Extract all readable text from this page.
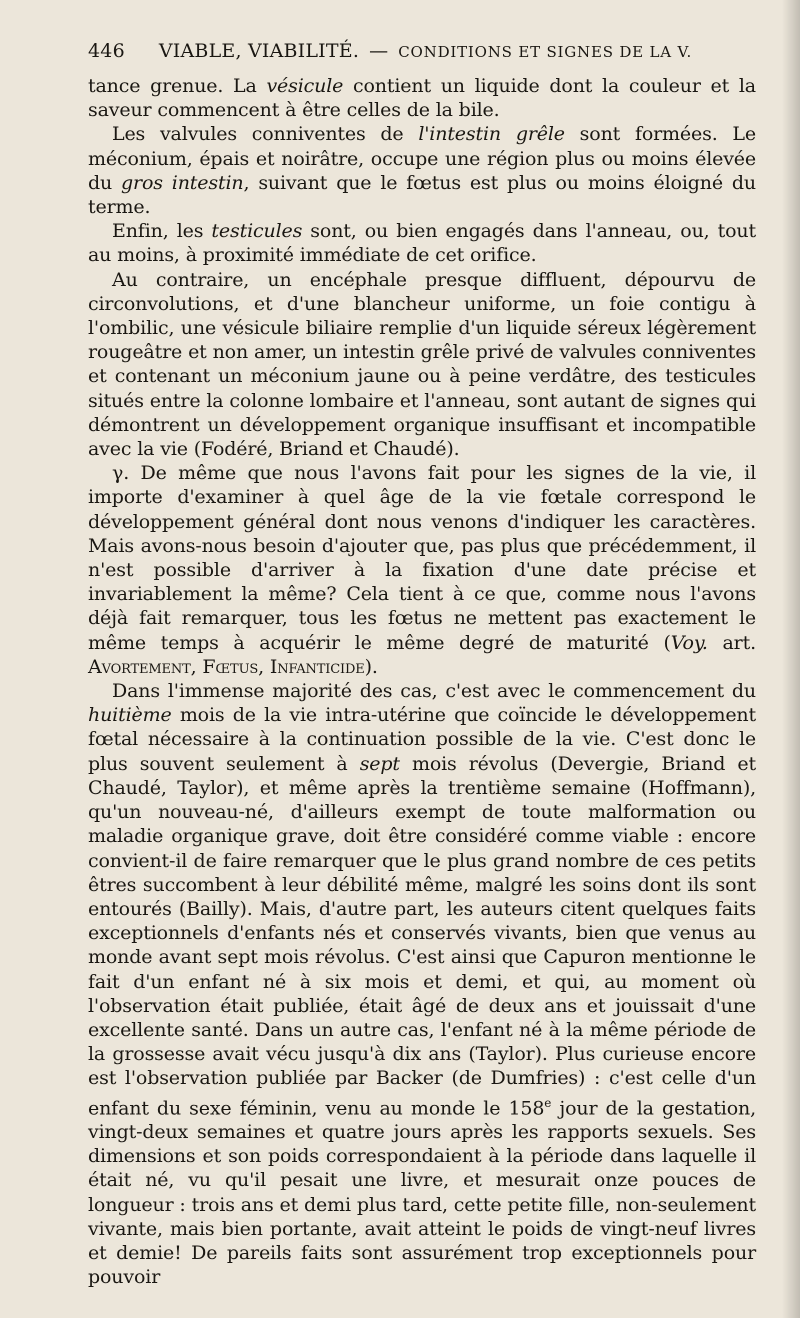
446 VIABLE, VIABILITÉ. — CONDITIONS ET SIGNES DE LA V.

tance grenue. La vésicule contient un liquide dont la couleur et la saveur commencent à être celles de la bile.

Les valvules conniventes de l'intestin grêle sont formées. Le méconium, épais et noirâtre, occupe une région plus ou moins élevée du gros intestin, suivant que le fœtus est plus ou moins éloigné du terme.

Enfin, les testicules sont, ou bien engagés dans l'anneau, ou, tout au moins, à proximité immédiate de cet orifice.

Au contraire, un encéphale presque diffluent, dépourvu de circonvolutions, et d'une blancheur uniforme, un foie contigu à l'ombilic, une vésicule biliaire remplie d'un liquide séreux légèrement rougeâtre et non amer, un intestin grêle privé de valvules conniventes et contenant un méconium jaune ou à peine verdâtre, des testicules situés entre la colonne lombaire et l'anneau, sont autant de signes qui démontrent un développement organique insuffisant et incompatible avec la vie (Fodéré, Briand et Chaudé).

γ. De même que nous l'avons fait pour les signes de la vie, il importe d'examiner à quel âge de la vie fœtale correspond le développement général dont nous venons d'indiquer les caractères. Mais avons-nous besoin d'ajouter que, pas plus que précédemment, il n'est possible d'arriver à la fixation d'une date précise et invariablement la même? Cela tient à ce que, comme nous l'avons déjà fait remarquer, tous les fœtus ne mettent pas exactement le même temps à acquérir le même degré de maturité (Voy. art. Avortement, Fœtus, Infanticide).

Dans l'immense majorité des cas, c'est avec le commencement du huitième mois de la vie intra-utérine que coïncide le développement fœtal nécessaire à la continuation possible de la vie. C'est donc le plus souvent seulement à sept mois révolus (Devergie, Briand et Chaudé, Taylor), et même après la trentième semaine (Hoffmann), qu'un nouveau-né, d'ailleurs exempt de toute malformation ou maladie organique grave, doit être considéré comme viable : encore convient-il de faire remarquer que le plus grand nombre de ces petits êtres succombent à leur débilité même, malgré les soins dont ils sont entourés (Bailly). Mais, d'autre part, les auteurs citent quelques faits exceptionnels d'enfants nés et conservés vivants, bien que venus au monde avant sept mois révolus. C'est ainsi que Capuron mentionne le fait d'un enfant né à six mois et demi, et qui, au moment où l'observation était publiée, était âgé de deux ans et jouissait d'une excellente santé. Dans un autre cas, l'enfant né à la même période de la grossesse avait vécu jusqu'à dix ans (Taylor). Plus curieuse encore est l'observation publiée par Backer (de Dumfries) : c'est celle d'un enfant du sexe féminin, venu au monde le 158e jour de la gestation, vingt-deux semaines et quatre jours après les rapports sexuels. Ses dimensions et son poids correspondaient à la période dans laquelle il était né, vu qu'il pesait une livre, et mesurait onze pouces de longueur : trois ans et demi plus tard, cette petite fille, non-seulement vivante, mais bien portante, avait atteint le poids de vingt-neuf livres et demie! De pareils faits sont assurément trop exceptionnels pour pouvoir
